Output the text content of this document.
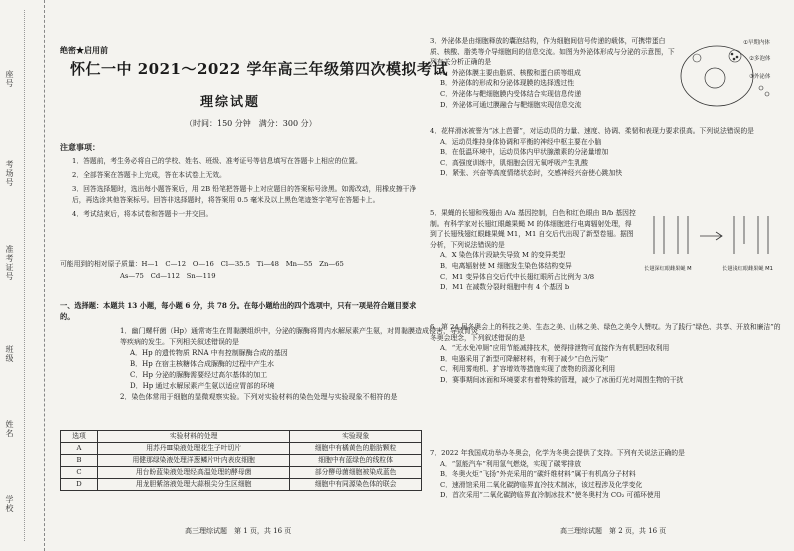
座号
考场号
准考证号
班级
姓名
学校
绝密★启用前
怀仁一中 2021～2022 学年高三年级第四次模拟考试
理综试题
（时间：150 分钟　满分：300 分）
注意事项：

1．答题前，考生务必将自己的学校、姓名、班级、准考证号等信息填写在答题卡上相应的位置。

2．全部答案在答题卡上完成，答在本试卷上无效。

3．回答选择题时，选出每小题答案后，用 2B 铅笔把答题卡上对应题目的答案标号涂黑。如需改动，用橡皮擦干净后，再选涂其他答案标号。回答非选择题时，将答案用 0.5 毫米及以上黑色笔迹签字笔写在答题卡上。

4．考试结束后，将本试卷和答题卡一并交回。

可能用到的相对原子质量：H—1　C—12　O—16　Cl—35.5　Ti—48　Mn—55　Zn—65
As—75　Cd—112　Sn—119
一、选择题：本题共 13 小题，每小题 6 分，共 78 分。在每小题给出的四个选项中，只有一项是符合题目要求的。

1．幽门螺杆菌（Hp）通常寄生在胃黏膜组织中，分泌的脲酶将胃内水解尿素产生氨，对胃黏膜造成侵害，导致胃炎等疾病的发生。下列相关叙述错误的是

A．Hp 的遗传物质 RNA 中有控制脲酶合成的基因

B．Hp 在宿主核糖体合成脲酶的过程中产生水

C．Hp 分泌的脲酶需要经过高尔基体的加工

D．Hp 通过水解尿素产生氨以适应胃部的环境

2．染色体常用于细胞的显微观察实验。下列对实验材料的染色处理与实验现象不相符的是

选项	实验材料的处理	实验现象
A	用苏丹Ⅲ染液处理花生子叶切片	细胞中有橘黄色的脂肪颗粒
B	用健那绿染液处理洋葱鳞片叶内表皮细胞	细胞中有蓝绿色的线粒体
C	用台盼蓝染液处理经高温处理的酵母菌	部分酵母菌细胞被染成蓝色
D	用龙胆紫溶液处理大蒜根尖分生区细胞	细胞中有同源染色体的联会
高三理综试题　第 1 页，共 16 页

3．外泌体是由细胞释放的囊泡结构，作为细胞间信号传递的载体，可携带蛋白质、核酸、脂类等介导细胞间的信息交流。如图为外泌体形成与分泌的示意图，下列有关分析正确的是

A．外泌体膜主要由脂质、核酸和蛋白质等组成

B．外泌体的形成和分泌体现膜的选择透过性

C．外泌体与靶细胞膜内受体结合实现信息传递

D．外泌体可通过膜融合与靶细胞实现信息交流

①早期内体
②多泡体
③外泌体

4．花样滑冰被誉为“冰上芭蕾”，对运动员的力量、速度、协调、柔韧和表现力要求很高。下列说法错误的是

A．运动员维持身体协调和平衡的神经中枢主要在小脑

B．在低温环境中，运动员体内甲状腺激素的分泌量增加

C．高强度训练中，肌细胞会因无氧呼吸产生乳酸

D．紧张、兴奋等高度情绪状态时，交感神经兴奋使心跳加快

5．果蝇的长翅和残翅由 A/a 基因控制，白色和红色眼由 B/b 基因控制。有科学家对长翅红眼雌果蝇 M 的体细胞进行电离辐射处理，得到了长翅残翅红眼雌果蝇 M1，M1 自交后代出现了新型卷翅。据图分析，下列说法错误的是

A．X 染色体片段缺失导致 M 的变异类型

B．电离辐射使 M 细胞发生染色体结构变异

C．M1 变异体自交后代中长翅红眼所占比例为 3/8

D．M1 在减数分裂时细胞中有 4 个基因 b

长翅深红眼雌果蝇 M	长翅浅红眼雌果蝇 M1

6．第 24 届冬奥会上的科技之美、生态之美、山林之美、绿色之美令人赞叹。为了践行“绿色、共享、开放和廉洁”的冬奥会理念，下列叙述错误的是

A．“无水免冲厕”应用节能减排技术，使得排泄物可直接作为有机肥回收利用

B．电器采用了新型可降解材料，有利于减少“白色污染”

C．利用雾炮机、扩容增效等措施实现了废物的资源化利用

D．赛事期间冰面和环境要求有着特殊的管理，减少了冰面灯光对周围生物的干扰

7．2022 年我国成功举办冬奥会，化学为冬奥会提供了支持。下列有关说法正确的是

A．“氢能汽车”利用氢气燃烧，实现了碳零排放

B．冬奥火炬“飞扬”外壳采用的“碳纤维材料”属于有机高分子材料

C．速滑馆采用二氧化碳跨临界直冷技术制冰，该过程涉及化学变化

D．首次采用“二氧化碳跨临界直冷制冰技术”使冬奥村为 CO₂ 可循环使用

高三理综试题　第 2 页，共 16 页
